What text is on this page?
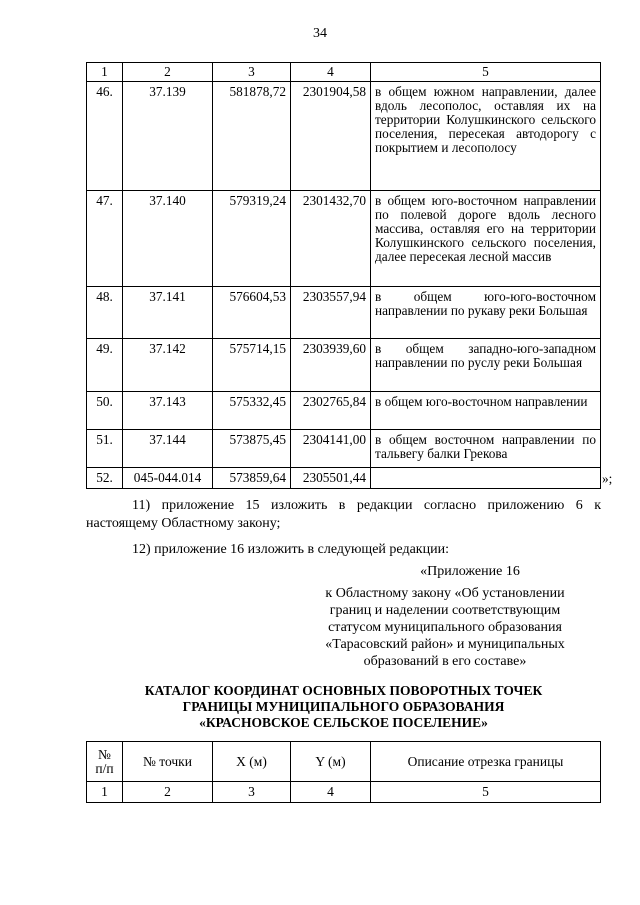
34
1	2	3	4	5
46.	37.139	581878,72	2301904,58	в общем южном направлении, далее вдоль лесополос, оставляя их на территории Колушкинского сельского поселения, пересекая автодорогу с покрытием и лесополосу
47.	37.140	579319,24	2301432,70	в общем юго-восточном направлении по полевой дороге вдоль лесного массива, оставляя его на территории Колушкинского сельского поселения, далее пересекая лесной массив
48.	37.141	576604,53	2303557,94	в общем юго-юго-восточном направлении по рукаву реки Большая
49.	37.142	575714,15	2303939,60	в общем западно-юго-западном направлении по руслу реки Большая
50.	37.143	575332,45	2302765,84	в общем юго-восточном направлении
51.	37.144	573875,45	2304141,00	в общем восточном направлении по тальвегу балки Грекова
52.	045-044.014	573859,64	2305501,44		»;
11) приложение 15 изложить в редакции согласно приложению 6 к настоящему Областному закону;
12) приложение 16 изложить в следующей редакции:
«Приложение 16
к Областному закону «Об установлении
границ и наделении соответствующим
статусом муниципального образования
«Тарасовский район» и муниципальных
образований в его составе»
КАТАЛОГ КООРДИНАТ ОСНОВНЫХ ПОВОРОТНЫХ ТОЧЕК
ГРАНИЦЫ МУНИЦИПАЛЬНОГО ОБРАЗОВАНИЯ
«КРАСНОВСКОЕ СЕЛЬСКОЕ ПОСЕЛЕНИЕ»
№
п/п	№ точки	X (м)	Y (м)	Описание отрезка границы
1	2	3	4	5
